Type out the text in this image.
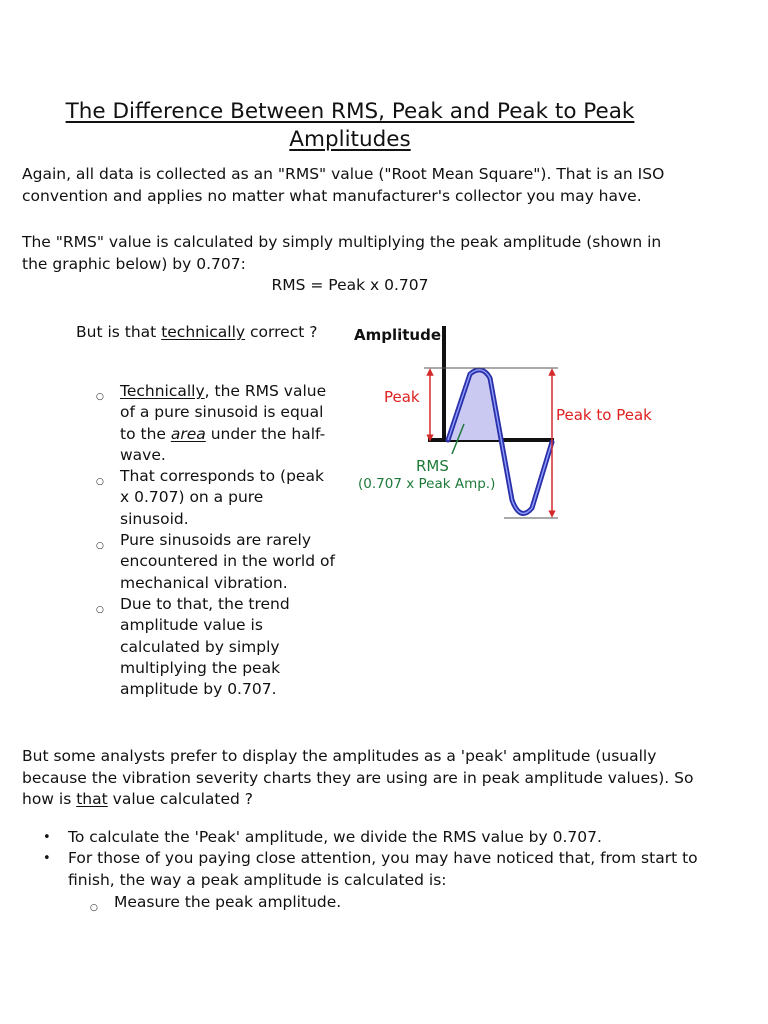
The Difference Between RMS, Peak and Peak to Peak Amplitudes

Again, all data is collected as an "RMS" value ("Root Mean Square"). That is an ISO convention and applies no matter what manufacturer's collector you may have.

The "RMS" value is calculated by simply multiplying the peak amplitude (shown in the graphic below) by 0.707:

RMS = Peak x 0.707
But is that technically correct ?
○ Technically, the RMS value of a pure sinusoid is equal to the area under the half-wave.
○ That corresponds to (peak x 0.707) on a pure sinusoid.
○ Pure sinusoids are rarely encountered in the world of mechanical vibration.
○ Due to that, the trend amplitude value is calculated by simply multiplying the peak amplitude by 0.707.
Amplitude
Peak
Peak to Peak
RMS
(0.707 x Peak Amp.)

But some analysts prefer to display the amplitudes as a 'peak' amplitude (usually because the vibration severity charts they are using are in peak amplitude values). So how is that value calculated ?

• To calculate the 'Peak' amplitude, we divide the RMS value by 0.707.
• For those of you paying close attention, you may have noticed that, from start to finish, the way a peak amplitude is calculated is:
○ Measure the peak amplitude.
